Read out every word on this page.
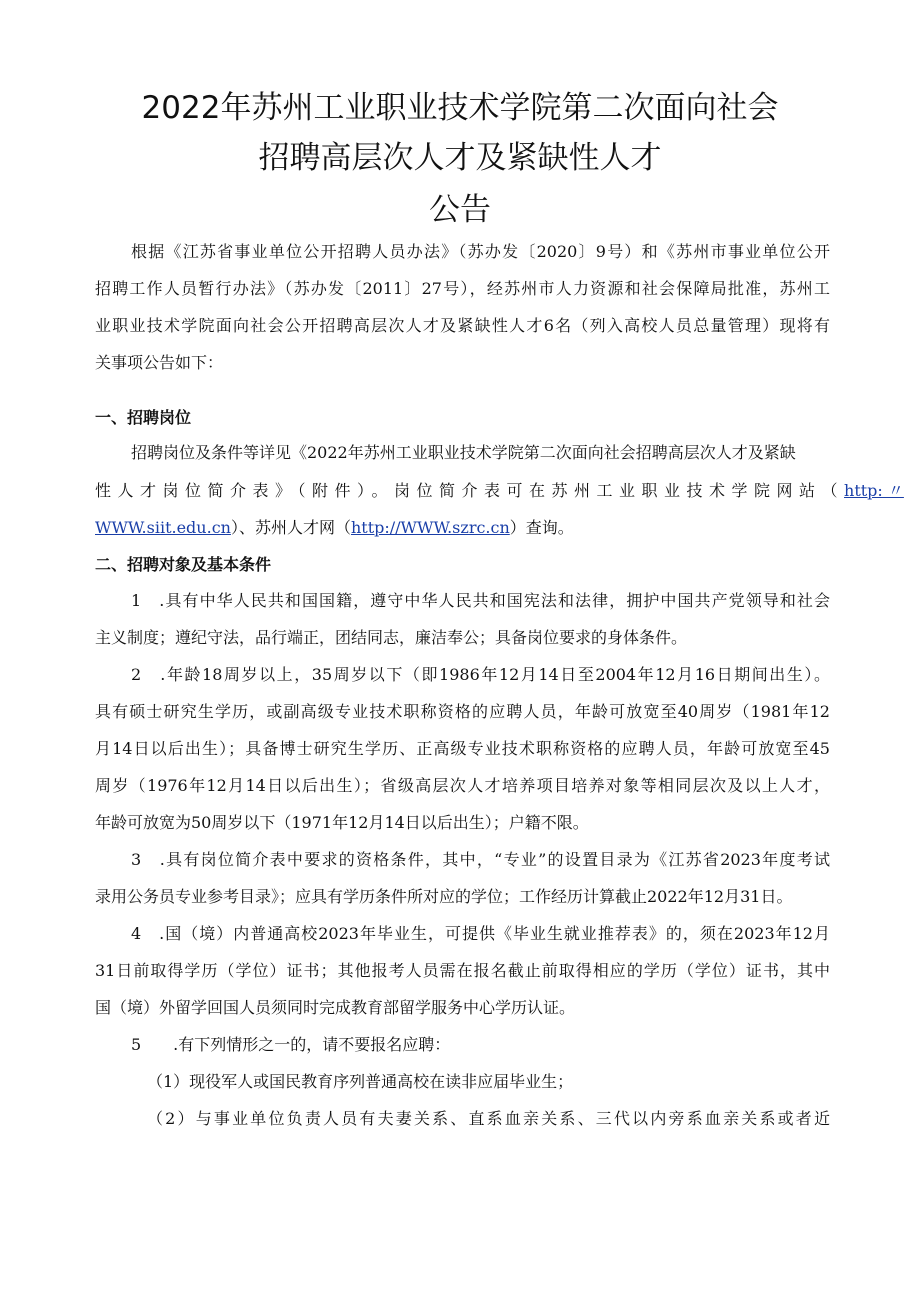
2022年苏州工业职业技术学院第二次面向社会
招聘高层次人才及紧缺性人才
公告
根据《江苏省事业单位公开招聘人员办法》（苏办发〔2020〕9号）和《苏州市事业单位公开
招聘工作人员暂行办法》（苏办发〔2011〕27号），经苏州市人力资源和社会保障局批准，苏州工
业职业技术学院面向社会公开招聘高层次人才及紧缺性人才6名（列入高校人员总量管理）现将有
关事项公告如下：
一、招聘岗位
招聘岗位及条件等详见《2022年苏州工业职业技术学院第二次面向社会招聘高层次人才及紧缺
性人才岗位简介表》（附件）。岗位简介表可在苏州工业职业技术学院网站（ http: 〃
WWW.siit.edu.cn）、苏州人才网（http://WWW.szrc.cn）查询。
二、招聘对象及基本条件
1　.具有中华人民共和国国籍，遵守中华人民共和国宪法和法律，拥护中国共产党领导和社会
主义制度；遵纪守法，品行端正，团结同志，廉洁奉公；具备岗位要求的身体条件。
2　.年龄18周岁以上，35周岁以下（即1986年12月14日至2004年12月16日期间出生）。
具有硕士研究生学历，或副高级专业技术职称资格的应聘人员，年龄可放宽至40周岁（1981年12
月14日以后出生）；具备博士研究生学历、正高级专业技术职称资格的应聘人员，年龄可放宽至45
周岁（1976年12月14日以后出生）；省级高层次人才培养项目培养对象等相同层次及以上人才，
年龄可放宽为50周岁以下（1971年12月14日以后出生）；户籍不限。
3　.具有岗位简介表中要求的资格条件，其中，“专业”的设置目录为《江苏省2023年度考试
录用公务员专业参考目录》；应具有学历条件所对应的学位；工作经历计算截止2022年12月31日。
4　.国（境）内普通高校2023年毕业生，可提供《毕业生就业推荐表》的，须在2023年12月
31日前取得学历（学位）证书；其他报考人员需在报名截止前取得相应的学历（学位）证书，其中
国（境）外留学回国人员须同时完成教育部留学服务中心学历认证。
5　　.有下列情形之一的，请不要报名应聘：
（1）现役军人或国民教育序列普通高校在读非应届毕业生；
（2）与事业单位负责人员有夫妻关系、直系血亲关系、三代以内旁系血亲关系或者近
